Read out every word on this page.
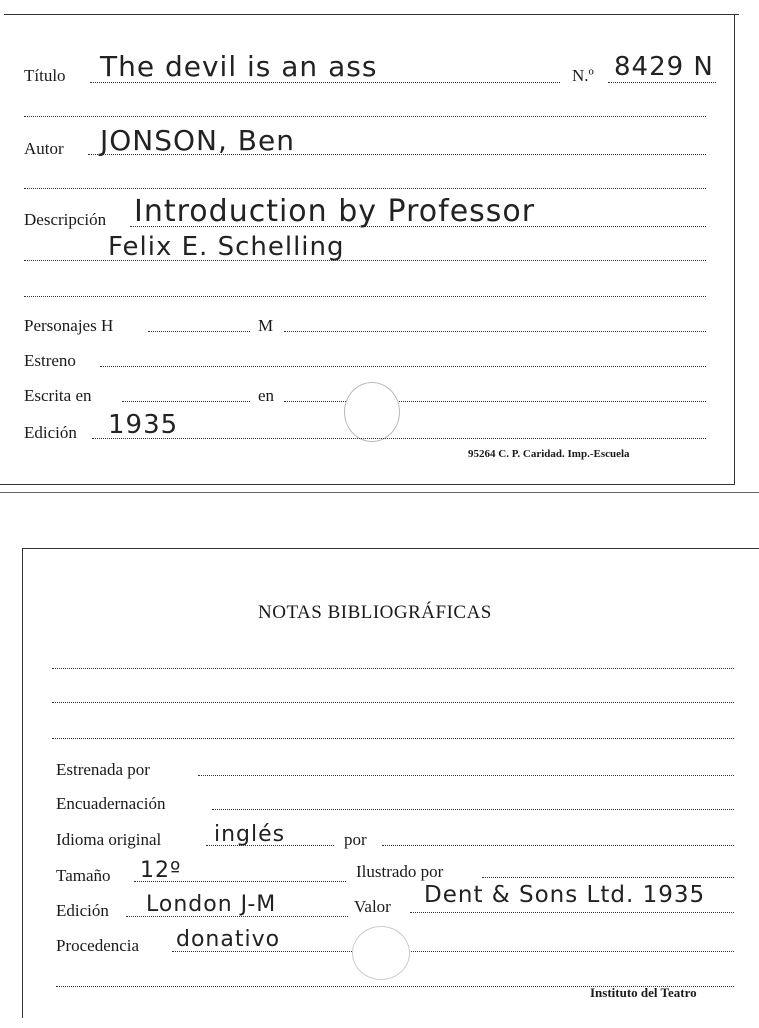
Título The devil is an ass	N.º 8429 N
Autor JONSON, Ben
Descripción Introduction by Professor
Felix E. Schelling
Personajes H	M
Estreno
Escrita en	en
Edición 1935
95264 C. P. Caridad. Imp.-Escuela
NOTAS BIBLIOGRÁFICAS
Estrenada por
Encuadernación
Idioma original inglés	por
Tamaño 12º	Ilustrado por
Edición London J-M	Valor Dent & Sons Ltd. 1935
Procedencia donativo
Instituto del Teatro
